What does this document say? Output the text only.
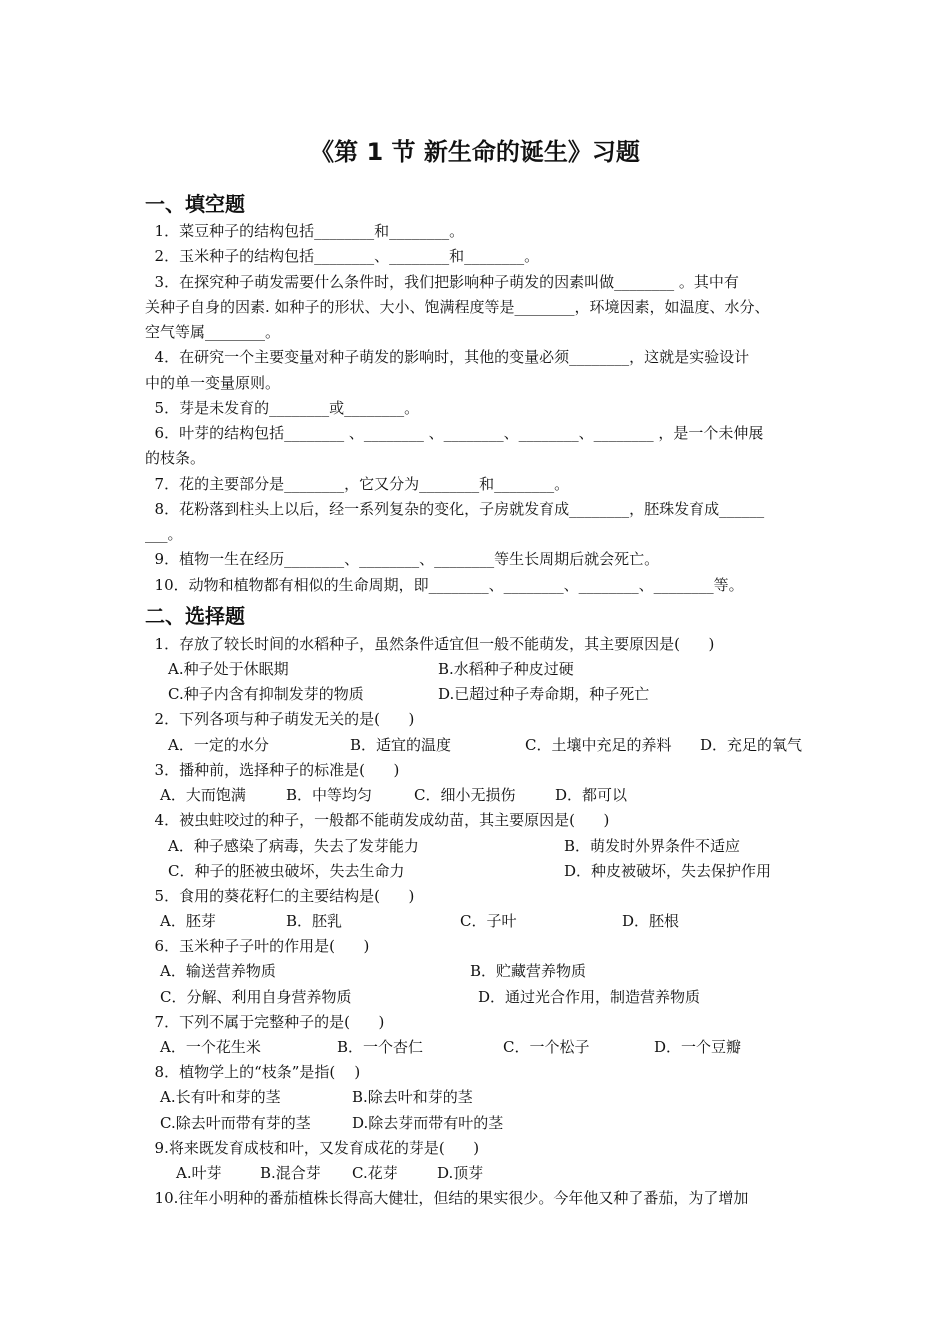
《第 1 节 新生命的诞生》习题
一、填空题
1．菜豆种子的结构包括________和________。
2．玉米种子的结构包括________、________和________。
3．在探究种子萌发需要什么条件时，我们把影响种子萌发的因素叫做________ 。其中有
关种子自身的因素. 如种子的形状、大小、饱满程度等是________，环境因素，如温度、水分、
空气等属________。
4．在研究一个主要变量对种子萌发的影响时，其他的变量必须________，这就是实验设计
中的单一变量原则。
5．芽是未发育的________或________。
6．叶芽的结构包括________ 、________ 、________、________、________ ，是一个未伸展
的枝条。
7．花的主要部分是________，它又分为________和________。
8．花粉落到柱头上以后，经一系列复杂的变化，子房就发育成________，胚珠发育成______
___。
9．植物一生在经历________、________、________等生长周期后就会死亡。
10．动物和植物都有相似的生命周期，即________、________、________、________等。
二、选择题
1．存放了较长时间的水稻种子，虽然条件适宜但一般不能萌发，其主要原因是(      )
A.种子处于休眠期	B.水稻种子种皮过硬
C.种子内含有抑制发芽的物质	D.已超过种子寿命期，种子死亡
2．下列各项与种子萌发无关的是(      )
A．一定的水分	B．适宜的温度	C．土壤中充足的养料 D．充足的氧气
3．播种前，选择种子的标准是(      )
A．大而饱满	B．中等均匀	C．细小无损伤	D．都可以
4．被虫蛀咬过的种子，一般都不能萌发成幼苗，其主要原因是(      )
A．种子感染了病毒，失去了发芽能力	B．萌发时外界条件不适应
C．种子的胚被虫破坏，失去生命力	D．种皮被破坏，失去保护作用
5．食用的葵花籽仁的主要结构是(      )
A．胚芽	B．胚乳	C．子叶	D．胚根
6．玉米种子子叶的作用是(      )
A．输送营养物质	B．贮藏营养物质
C．分解、利用自身营养物质	D．通过光合作用，制造营养物质
7．下列不属于完整种子的是(      )
A．一个花生米	B．一个杏仁	C．一个松子	D．一个豆瓣
8．植物学上的“枝条”是指(    )
A.长有叶和芽的茎	B.除去叶和芽的茎
C.除去叶而带有芽的茎	D.除去芽而带有叶的茎
9.将来既发育成枝和叶，又发育成花的芽是(      )
A.叶芽	B.混合芽 C.花芽	D.顶芽
10.往年小明种的番茄植株长得高大健壮，但结的果实很少。今年他又种了番茄，为了增加
